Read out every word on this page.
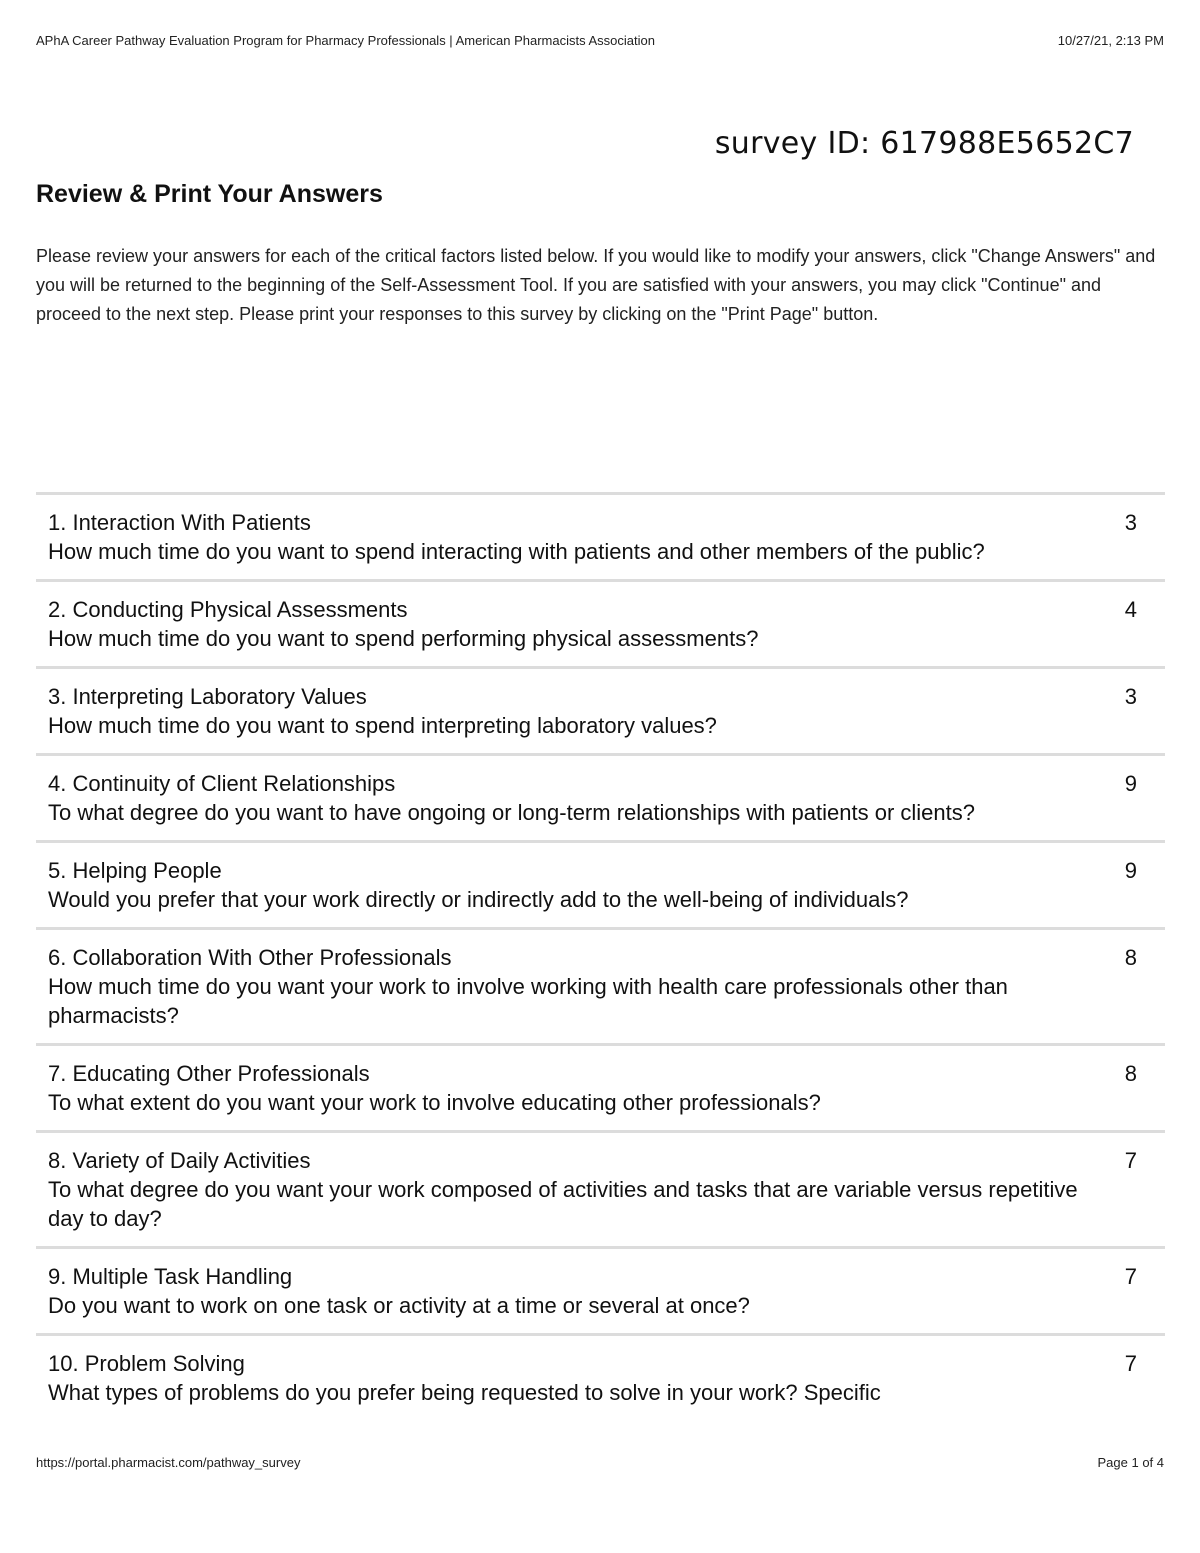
APhA Career Pathway Evaluation Program for Pharmacy Professionals | American Pharmacists Association	10/27/21, 2:13 PM
survey ID: 617988E5652C7
Review & Print Your Answers

Please review your answers for each of the critical factors listed below. If you would like to modify your answers, click "Change Answers" and you will be returned to the beginning of the Self-Assessment Tool. If you are satisfied with your answers, you may click "Continue" and proceed to the next step. Please print your responses to this survey by clicking on the "Print Page" button.

1. Interaction With Patients
How much time do you want to spend interacting with patients and other members of the public?
3
2. Conducting Physical Assessments
How much time do you want to spend performing physical assessments?
4
3. Interpreting Laboratory Values
How much time do you want to spend interpreting laboratory values?
3
4. Continuity of Client Relationships
To what degree do you want to have ongoing or long-term relationships with patients or clients?
9
5. Helping People
Would you prefer that your work directly or indirectly add to the well-being of individuals?
9
6. Collaboration With Other Professionals
How much time do you want your work to involve working with health care professionals other than pharmacists?
8
7. Educating Other Professionals
To what extent do you want your work to involve educating other professionals?
8
8. Variety of Daily Activities
To what degree do you want your work composed of activities and tasks that are variable versus repetitive day to day?
7
9. Multiple Task Handling
Do you want to work on one task or activity at a time or several at once?
7
10. Problem Solving
What types of problems do you prefer being requested to solve in your work? Specific
7
https://portal.pharmacist.com/pathway_survey	Page 1 of 4
